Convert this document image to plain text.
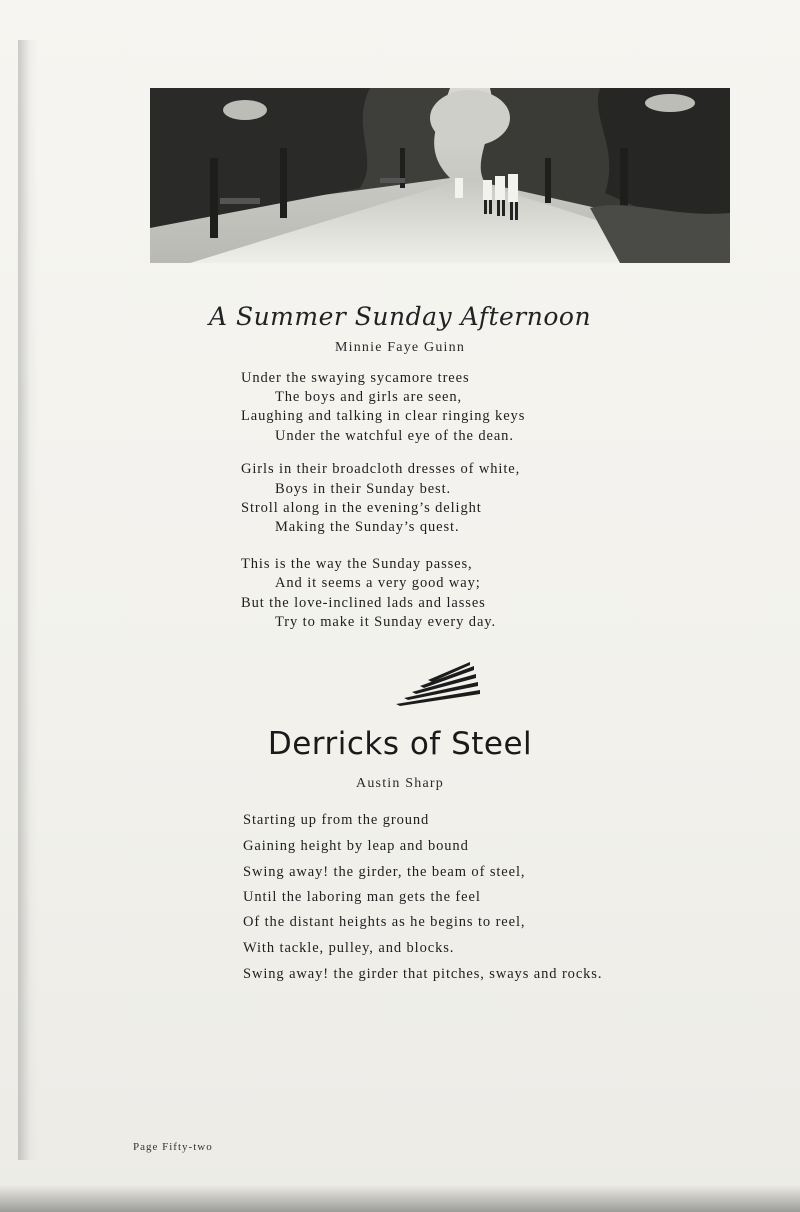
A Summer Sunday Afternoon
Minnie Faye Guinn
Under the swaying sycamore trees
The boys and girls are seen,
Laughing and talking in clear ringing keys
Under the watchful eye of the dean.
Girls in their broadcloth dresses of white,
Boys in their Sunday best.
Stroll along in the evening’s delight
Making the Sunday’s quest.
This is the way the Sunday passes,
And it seems a very good way;
But the love-inclined lads and lasses
Try to make it Sunday every day.
Derricks of Steel
Austin Sharp
Starting up from the ground
Gaining height by leap and bound
Swing away! the girder, the beam of steel,
Until the laboring man gets the feel
Of the distant heights as he begins to reel,
With tackle, pulley, and blocks.
Swing away! the girder that pitches, sways and rocks.
Page Fifty-two
